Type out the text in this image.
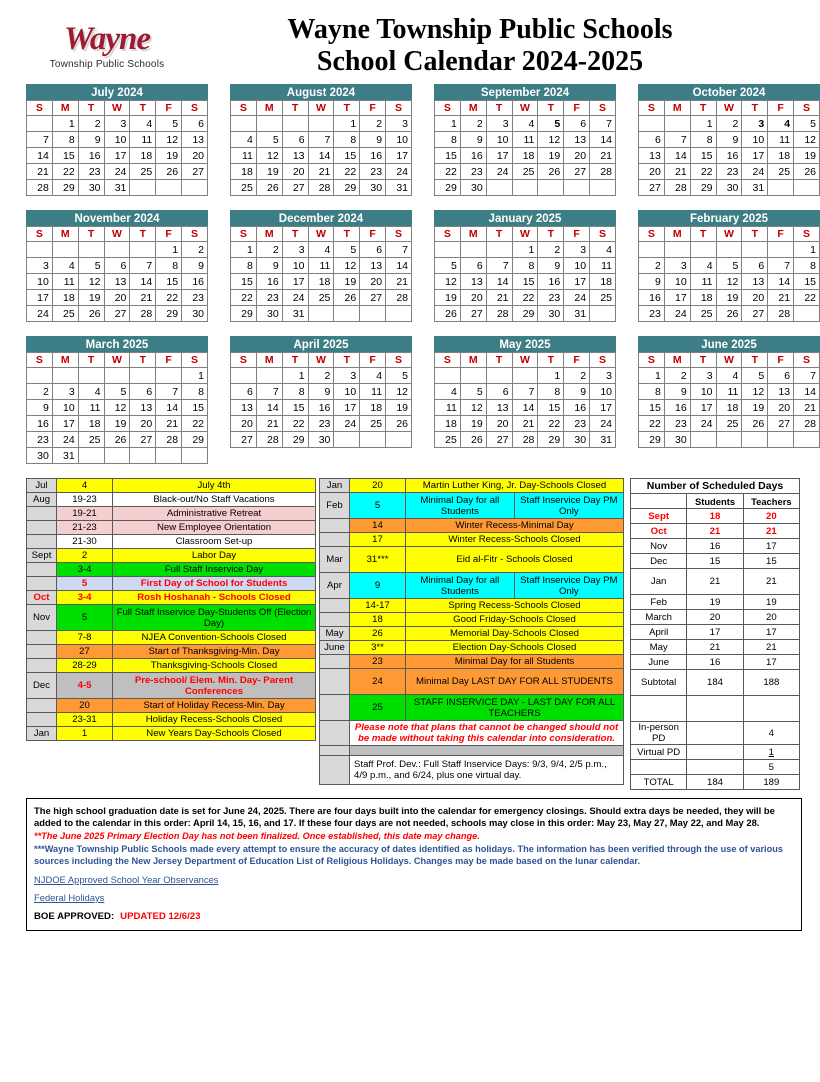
Wayne
Township Public Schools
Wayne Township Public Schools
School Calendar 2024-2025
July 2024
S	M	T	W	T	F	S
	1	2	3	4	5	6
7	8	9	10	11	12	13
14	15	16	17	18	19	20
21	22	23	24	25	26	27
28	29	30	31			
August 2024
S	M	T	W	T	F	S
				1	2	3
4	5	6	7	8	9	10
11	12	13	14	15	16	17
18	19	20	21	22	23	24
25	26	27	28	29	30	31
September 2024
S	M	T	W	T	F	S
1	2	3	4	5	6	7
8	9	10	11	12	13	14
15	16	17	18	19	20	21
22	23	24	25	26	27	28
29	30					
October 2024
S	M	T	W	T	F	S
		1	2	3	4	5
6	7	8	9	10	11	12
13	14	15	16	17	18	19
20	21	22	23	24	25	26
27	28	29	30	31		
November 2024
S	M	T	W	T	F	S
					1	2
3	4	5	6	7	8	9
10	11	12	13	14	15	16
17	18	19	20	21	22	23
24	25	26	27	28	29	30
December 2024
S	M	T	W	T	F	S
1	2	3	4	5	6	7
8	9	10	11	12	13	14
15	16	17	18	19	20	21
22	23	24	25	26	27	28
29	30	31				
January 2025
S	M	T	W	T	F	S
			1	2	3	4
5	6	7	8	9	10	11
12	13	14	15	16	17	18
19	20	21	22	23	24	25
26	27	28	29	30	31	
February 2025
S	M	T	W	T	F	S
						1
2	3	4	5	6	7	8
9	10	11	12	13	14	15
16	17	18	19	20	21	22
23	24	25	26	27	28	
March 2025
S	M	T	W	T	F	S
						1
2	3	4	5	6	7	8
9	10	11	12	13	14	15
16	17	18	19	20	21	22
23	24	25	26	27	28	29
30	31					
April 2025
S	M	T	W	T	F	S
		1	2	3	4	5
6	7	8	9	10	11	12
13	14	15	16	17	18	19
20	21	22	23	24	25	26
27	28	29	30			
May 2025
S	M	T	W	T	F	S
				1	2	3
4	5	6	7	8	9	10
11	12	13	14	15	16	17
18	19	20	21	22	23	24
25	26	27	28	29	30	31
June 2025
S	M	T	W	T	F	S
1	2	3	4	5	6	7
8	9	10	11	12	13	14
15	16	17	18	19	20	21
22	23	24	25	26	27	28
29	30					
Jul	4	July 4th
Aug	19-23	Black-out/No Staff Vacations
	19-21	Administrative Retreat
	21-23	New Employee Orientation
	21-30	Classroom Set-up
Sept	2	Labor Day
	3-4	Full Staff Inservice Day
	5	First Day of School for Students
Oct	3-4	Rosh Hoshanah - Schools Closed
Nov	5	Full Staff Inservice Day-Students Off (Election Day)
	7-8	NJEA Convention-Schools Closed
	27	Start of Thanksgiving-Min. Day
	28-29	Thanksgiving-Schools Closed
Dec	4-5	Pre-school/ Elem. Min. Day- Parent Conferences
	20	Start of Holiday Recess-Min. Day
	23-31	Holiday Recess-Schools Closed
Jan	1	New Years Day-Schools Closed
Jan	20	Martin Luther King, Jr. Day-Schools Closed	
Feb	5	Minimal Day for all Students	Staff Inservice Day PM Only
	14	Winter Recess-Minimal Day	
	17	Winter Recess-Schools Closed	
Mar	31***	Eid al-Fitr - Schools Closed	
Apr	9	Minimal Day for all Students	Staff Inservice Day PM Only
	14-17	Spring Recess-Schools Closed	
	18	Good Friday-Schools Closed	
May	26	Memorial Day-Schools Closed	
June	3**	Election Day-Schools Closed	
	23	Minimal Day for all Students	
	24	Minimal Day LAST DAY FOR ALL STUDENTS	
	25	STAFF INSERVICE DAY - LAST DAY FOR ALL TEACHERS	
	Please note that plans that cannot be changed should not be made without taking this calendar into consideration.		

	Staff Prof. Dev.: Full Staff Inservice Days: 9/3, 9/4, 2/5 p.m., 4/9 p.m., and 6/24, plus one virtual day.		
Number of Scheduled Days		
	Students	Teachers
Sept	18	20
Oct	21	21
Nov	16	17
Dec	15	15
Jan	21	21
Feb	19	19
March	20	20
April	17	17
May	21	21
June	16	17
Subtotal	184	188

In-person PD		4
Virtual PD		1
		5
TOTAL	184	189
The high school graduation date is set for June 24, 2025. There are four days built into the calendar for emergency closings. Should extra days be needed, they will be added to the calendar in this order: April 14, 15, 16, and 17. If these four days are not needed, schools may close in this order: May 23, May 27, May 22, and May 28.
**The June 2025 Primary Election Day has not been finalized. Once established, this date may change.
***Wayne Township Public Schools made every attempt to ensure the accuracy of dates identified as holidays. The information has been verified through the use of various sources including the New Jersey Department of Education List of Religious Holidays. Changes may be made based on the lunar calendar.
NJDOE Approved School Year Observances
Federal Holidays
BOE APPROVED: UPDATED 12/6/23
